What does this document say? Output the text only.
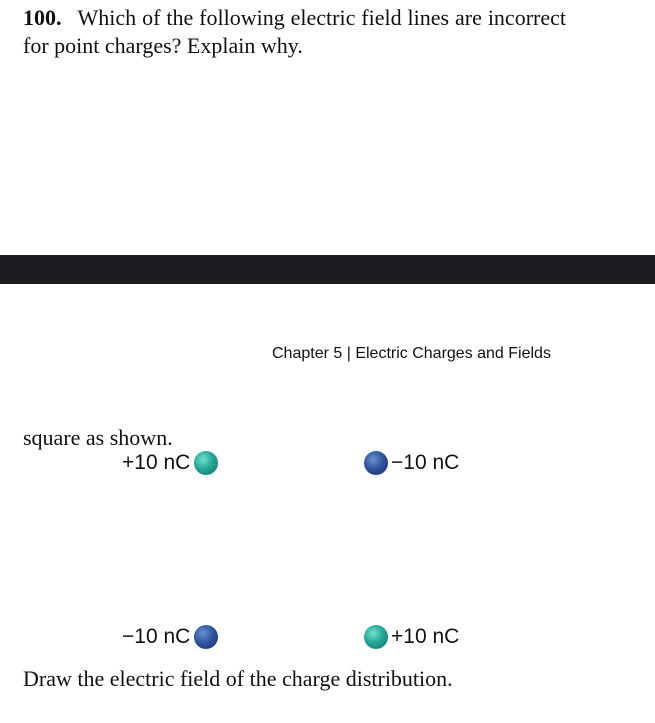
100. Which of the following electric field lines are incorrect for point charges? Explain why.
Chapter 5 | Electric Charges and Fields
square as shown.
+10 nC	−10 nC
−10 nC	+10 nC
Draw the electric field of the charge distribution.
